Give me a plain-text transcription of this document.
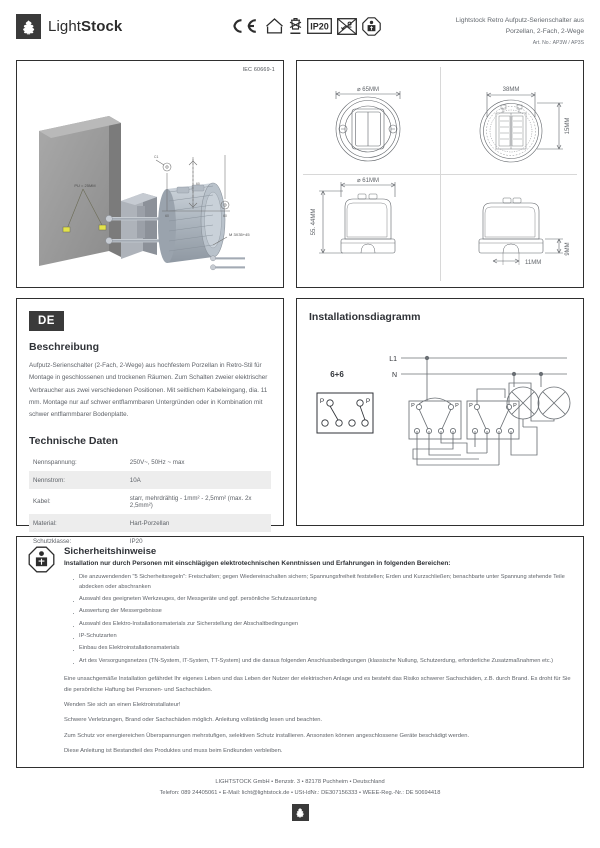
LightStock	IP20
Lightstock Retro Aufputz-Serienschalter aus
Porzellan, 2-Fach, 2-Wege
Art. No.: AP3W / AP3S
IEC 60669-1
PU = 25MM
C1
60
60	60
M 3X35+45
⌀ 65MM	38MM
15MM
⌀ 61MM
55. 44MM
9MM
11MM
DE
Beschreibung
Aufputz-Serienschalter (2-Fach, 2-Wege) aus hochfestem Porzellan in Retro-Stil für Montage in geschlossenen und trockenen Räumen. Zum Schalten zweier elektrischer Verbraucher aus zwei verschiedenen Positionen. Mit seitlichem Kabeleingang, dia. 11 mm. Montage nur auf schwer entflammbaren Untergründen oder in Kombination mit schwer entflammbarer Bodenplatte.
Technische Daten
Nennspannung:	250V~, 50Hz ~ max
Nennstrom:	10A
Kabel:	starr, mehrdrähtig - 1mm² - 2,5mm² (max. 2x 2,5mm²)
Material:	Hart-Porzellan
Schutzklasse:	IP20
Installationsdiagramm
6+6
P	P
L1
N
P	P P	P
Sicherheitshinweise
Installation nur durch Personen mit einschlägigen elektrotechnischen Kenntnissen und Erfahrungen in folgenden Bereichen:
· Die anzuwendenden "5 Sicherheitsregeln": Freischalten; gegen Wiedereinschalten sichern; Spannungsfreiheit feststellen; Erden und Kurzschließen; benachbarte unter Spannung stehende Teile abdecken oder abschranken
· Auswahl des geeigneten Werkzeuges, der Messgeräte und ggf. persönliche Schutzausrüstung
· Auswertung der Messergebnisse
· Auswahl des Elektro-Installationsmaterials zur Sicherstellung der Abschaltbedingungen
· IP-Schutzarten
· Einbau des Elektroinstallationsmaterials
· Art des Versorgungsnetzes (TN-System, IT-System, TT-System) und die daraus folgenden Anschlussbedingungen (klassische Nullung, Schutzerdung, erforderliche Zusatzmaßnahmen etc.)
Eine unsachgemäße Installation gefährdet Ihr eigenes Leben und das Leben der Nutzer der elektrischen Anlage und es besteht das Risiko schwerer Sachschäden, z.B. durch Brand. Es droht für Sie die persönliche Haftung bei Personen- und Sachschäden.
Wenden Sie sich an einen Elektroinstallateur!
Schwere Verletzungen, Brand oder Sachschäden möglich. Anleitung vollständig lesen und beachten.
Zum Schutz vor energiereichen Überspannungen mehrstufigen, selektiven Schutz installieren. Ansonsten können angeschlossene Geräte beschädigt werden.
Diese Anleitung ist Bestandteil des Produktes und muss beim Endkunden verbleiben.
LIGHTSTOCK GmbH • Benzstr. 3 • 82178 Puchheim • Deutschland
Telefon: 089 24405061 • E-Mail: licht@lightstock.de • USt-IdNr.: DE307156333 • WEEE-Reg.-Nr.: DE 50694418
